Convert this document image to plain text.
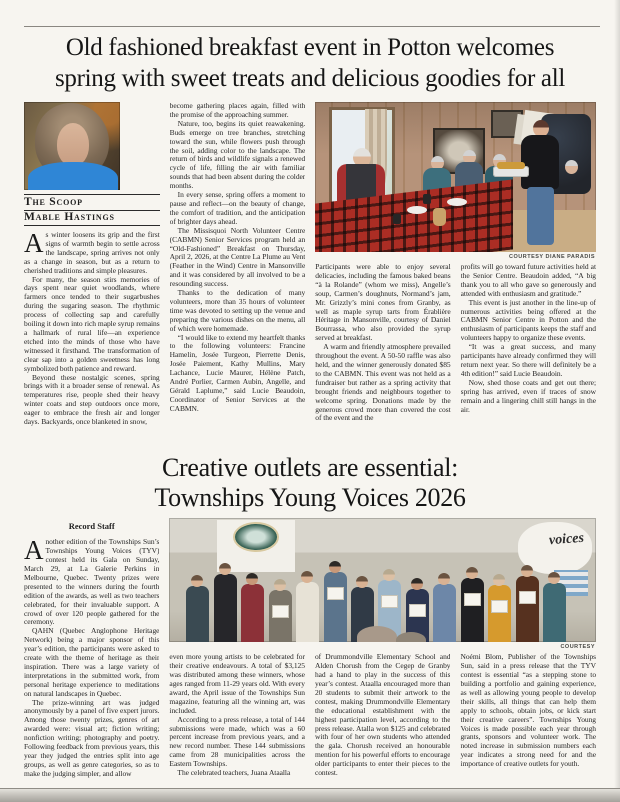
Old fashioned breakfast event in Potton welcomes
spring with sweet treats and delicious goodies for all
The Scoop
Mable Hastings

As winter loosens its grip and the first signs of warmth begin to settle across the landscape, spring arrives not only as a change in season, but as a return to cherished traditions and simple pleasures.

For many, the season stirs memories of days spent near quiet woodlands, where farmers once tended to their sugarbushes during the sugaring season. The rhythmic process of collecting sap and carefully boiling it down into rich maple syrup remains a hallmark of rural life—an experience etched into the minds of those who have witnessed it firsthand. The transformation of clear sap into a golden sweetness has long symbolized both patience and reward.

Beyond these nostalgic scenes, spring brings with it a broader sense of renewal. As temperatures rise, people shed their heavy winter coats and step outdoors once more, eager to embrace the fresh air and longer days. Backyards, once blanketed in snow,

become gathering places again, filled with the promise of the approaching summer.

Nature, too, begins its quiet reawakening. Buds emerge on tree branches, stretching toward the sun, while flowers push through the soil, adding color to the landscape. The return of birds and wildlife signals a renewed cycle of life, filling the air with familiar sounds that had been absent during the colder months.

In every sense, spring offers a moment to pause and reflect—on the beauty of change, the comfort of tradition, and the anticipation of brighter days ahead.

The Missisquoi North Volunteer Centre (CABMN) Senior Services program held an “Old-Fashioned” Breakfast on Thursday, April 2, 2026, at the Centre La Plume au Vent (Feather in the Wind) Centre in Mansonville and it was considered by all involved to be a resounding success.

Thanks to the dedication of many volunteers, more than 35 hours of volunteer time was devoted to setting up the venue and preparing the various dishes on the menu, all of which were homemade.

“I would like to extend my heartfelt thanks to the following volunteers: Francine Hamelin, Josée Turgeon, Pierrette Denis, Josée Paiement, Kathy Mullins, Mary Lachance, Lucie Maurer, Hélène Patch, André Porlier, Carmen Aubin, Angelle, and Gérald Laplume,” said Lucie Beaudoin, Coordinator of Senior Services at the CABMN.

COURTESY DIANE PARADIS

Participants were able to enjoy several delicacies, including the famous baked beans “à la Rolande” (whom we miss), Angelle’s soup, Carmen’s doughnuts, Normand’s jam, Mr. Grizzly’s mini cones from Granby, as well as maple syrup tarts from Érablière Héritage in Mansonville, courtesy of Daniel Bourrassa, who also provided the syrup served at breakfast.

A warm and friendly atmosphere prevailed throughout the event. A 50-50 raffle was also held, and the winner generously donated $85 to the CABMN. This event was not held as a fundraiser but rather as a spring activity that brought friends and neighbours together to welcome spring. Donations made by the generous crowd more than covered the cost of the event and the

profits will go toward future activities held at the Senior Centre. Beaudoin added, “A big thank you to all who gave so generously and attended with enthusiasm and gratitude.”

This event is just another in the line-up of numerous activities being offered at the CABMN Senior Centre in Potton and the enthusiasm of participants keeps the staff and volunteers happy to organize these events.

“It was a great success, and many participants have already confirmed they will return next year. So there will definitely be a 4th edition!” said Lucie Beaudoin.

Now, shed those coats and get out there; spring has arrived, even if traces of snow remain and a lingering chill still hangs in the air.

Creative outlets are essential:
Townships Young Voices 2026
Record Staff

Another edition of the Townships Sun’s Townships Young Voices (TYV) contest held its Gala on Sunday, March 29, at La Galerie Perkins in Melbourne, Quebec. Twenty prizes were presented to the winners during the fourth edition of the awards, as well as two teachers celebrated, for their invaluable support. A crowd of over 120 people gathered for the ceremony.

QAHN (Quebec Anglophone Heritage Network) being a major sponsor of this year’s edition, the participants were asked to create with the theme of heritage as their inspiration. There was a large variety of interpretations in the submitted work, from personal heritage experience to meditations on natural landscapes in Quebec.

The prize-winning art was judged anonymously by a panel of five expert jurors. Among those twenty prizes, genres of art awarded were: visual art; fiction writing; nonfiction writing; photography and poetry. Following feedback from previous years, this year they judged the entries split into age groups, as well as genre categories, so as to make the judging simpler, and allow

voices
COURTESY

even more young artists to be celebrated for their creative endeavours. A total of $3,125 was distributed among these winners, whose ages ranged from 11-29 years old. With every award, the April issue of the Townships Sun magazine, featuring all the winning art, was included.

According to a press release, a total of 144 submissions were made, which was a 60 percent increase from previous years, and a new record number. These 144 submissions came from 28 municipalities across the Eastern Townships.

The celebrated teachers, Juana Ataalla

of Drummondville Elementary School and Alden Chorush from the Cegep de Granby had a hand to play in the success of this year’s contest. Ataalla encouraged more than 20 students to submit their artwork to the contest, making Drummondville Elementary the educational establishment with the highest participation level, according to the press release. Atalla won $125 and celebrated with four of her own students who attended the gala. Chorush received an honourable mention for his powerful efforts to encourage older participants to enter their pieces to the contest.

Noémi Blom, Publisher of the Townships Sun, said in a press release that the TYV contest is essential “as a stepping stone to building a portfolio and gaining experience, as well as allowing young people to develop their skills, all things that can help them apply to schools, obtain jobs, or kick start their creative careers”. Townships Young Voices is made possible each year through grants, sponsors and volunteer work. The noted increase in submission numbers each year indicates a strong need for and the importance of creative outlets for youth.
